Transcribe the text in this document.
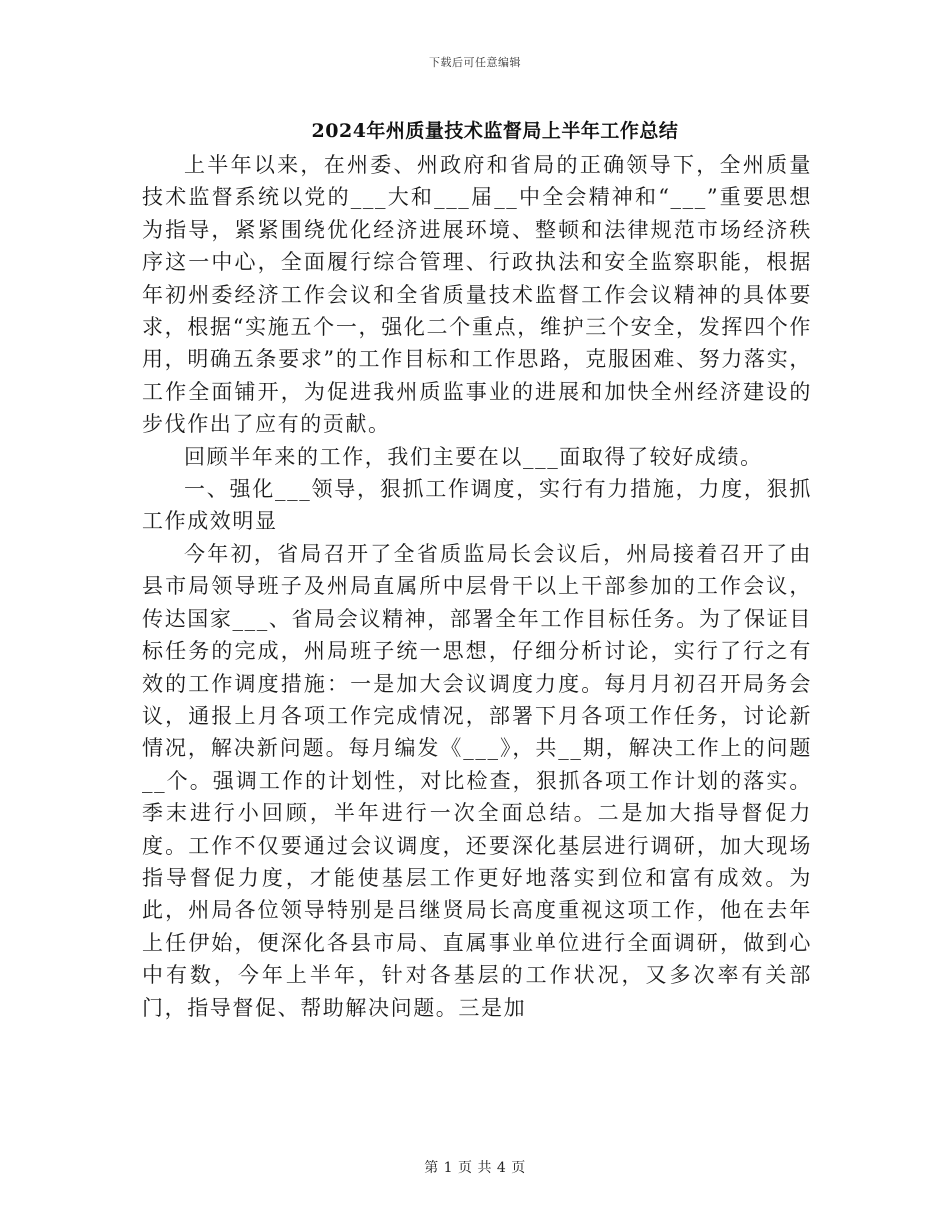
下载后可任意编辑
2024年州质量技术监督局上半年工作总结

上半年以来，在州委、州政府和省局的正确领导下，全州质量技术监督系统以党的___大和___届__中全会精神和“___”重要思想为指导，紧紧围绕优化经济进展环境、整顿和法律规范市场经济秩序这一中心，全面履行综合管理、行政执法和安全监察职能，根据年初州委经济工作会议和全省质量技术监督工作会议精神的具体要求，根据“实施五个一，强化二个重点，维护三个安全，发挥四个作用，明确五条要求”的工作目标和工作思路，克服困难、努力落实，工作全面铺开，为促进我州质监事业的进展和加快全州经济建设的步伐作出了应有的贡献。

回顾半年来的工作，我们主要在以___面取得了较好成绩。

一、强化___领导，狠抓工作调度，实行有力措施，力度，狠抓工作成效明显

今年初，省局召开了全省质监局长会议后，州局接着召开了由县市局领导班子及州局直属所中层骨干以上干部参加的工作会议，传达国家___、省局会议精神，部署全年工作目标任务。为了保证目标任务的完成，州局班子统一思想，仔细分析讨论，实行了行之有效的工作调度措施：一是加大会议调度力度。每月月初召开局务会议，通报上月各项工作完成情况，部署下月各项工作任务，讨论新情况，解决新问题。每月编发《___》，共__期，解决工作上的问题__个。强调工作的计划性，对比检查，狠抓各项工作计划的落实。季末进行小回顾，半年进行一次全面总结。二是加大指导督促力度。工作不仅要通过会议调度，还要深化基层进行调研，加大现场指导督促力度，才能使基层工作更好地落实到位和富有成效。为此，州局各位领导特别是吕继贤局长高度重视这项工作，他在去年上任伊始，便深化各县市局、直属事业单位进行全面调研，做到心中有数，今年上半年，针对各基层的工作状况，又多次率有关部门，指导督促、帮助解决问题。三是加

第 1 页 共 4 页
